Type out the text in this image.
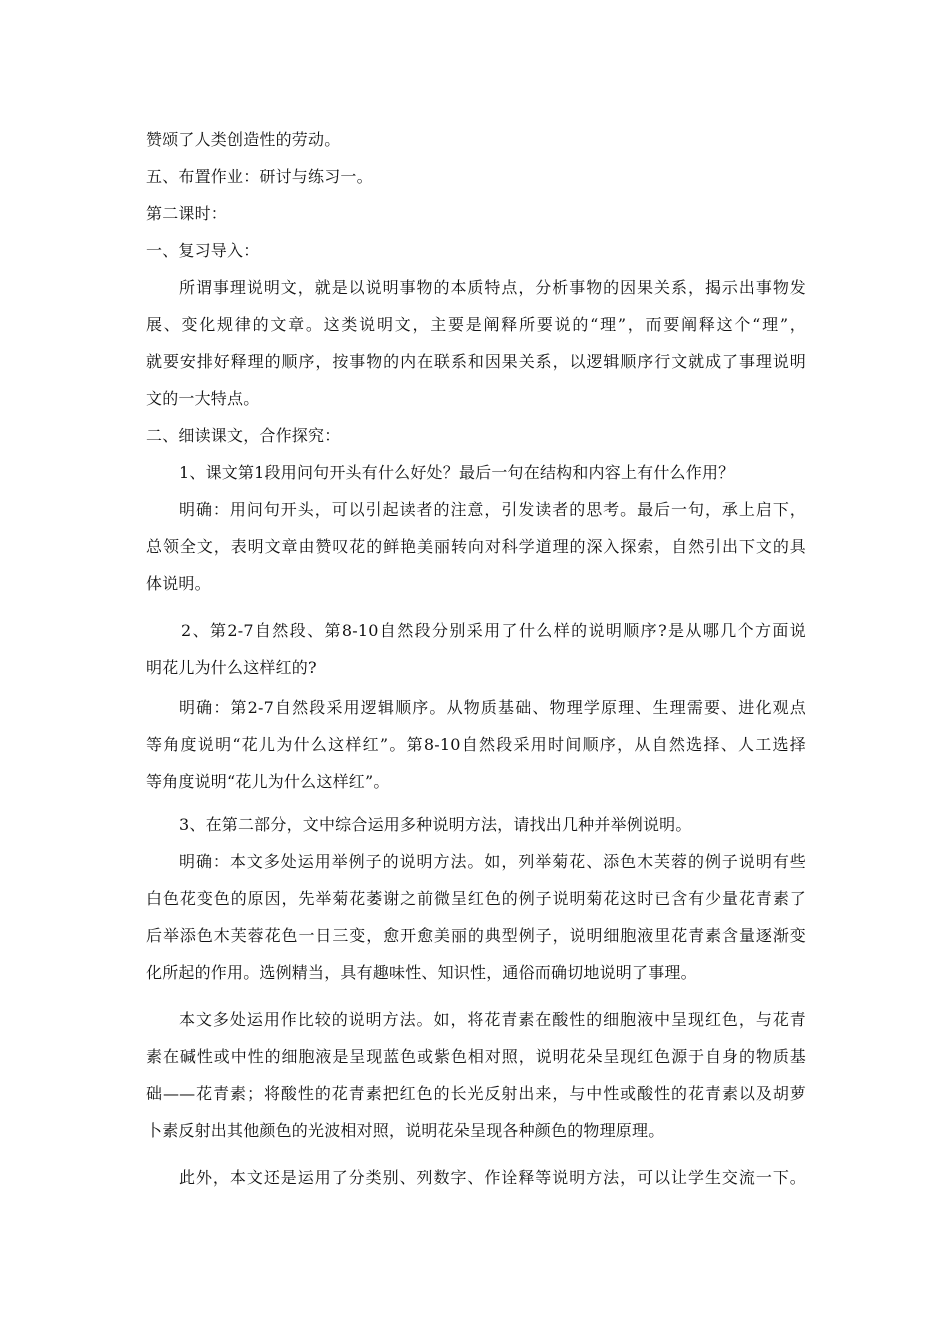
赞颂了人类创造性的劳动。
五、布置作业：研讨与练习一。
第二课时：
一、复习导入：
所谓事理说明文，就是以说明事物的本质特点，分析事物的因果关系，揭示出事物发
展、变化规律的文章。这类说明文，主要是阐释所要说的“理”，而要阐释这个“理”，
就要安排好释理的顺序，按事物的内在联系和因果关系，以逻辑顺序行文就成了事理说明
文的一大特点。
二、细读课文，合作探究：
1、课文第1段用问句开头有什么好处？最后一句在结构和内容上有什么作用？
明确：用问句开头，可以引起读者的注意，引发读者的思考。最后一句，承上启下，
总领全文，表明文章由赞叹花的鲜艳美丽转向对科学道理的深入探索，自然引出下文的具
体说明。
2、第2-7自然段、第8-10自然段分别采用了什么样的说明顺序?是从哪几个方面说
明花儿为什么这样红的?
明确：第2-7自然段采用逻辑顺序。从物质基础、物理学原理、生理需要、进化观点
等角度说明“花儿为什么这样红”。第8-10自然段采用时间顺序，从自然选择、人工选择
等角度说明“花儿为什么这样红”。
3、在第二部分，文中综合运用多种说明方法，请找出几种并举例说明。
明确：本文多处运用举例子的说明方法。如，列举菊花、添色木芙蓉的例子说明有些
白色花变色的原因，先举菊花萎谢之前微呈红色的例子说明菊花这时已含有少量花青素了
后举添色木芙蓉花色一日三变，愈开愈美丽的典型例子，说明细胞液里花青素含量逐渐变
化所起的作用。选例精当，具有趣味性、知识性，通俗而确切地说明了事理。
本文多处运用作比较的说明方法。如，将花青素在酸性的细胞液中呈现红色，与花青
素在碱性或中性的细胞液是呈现蓝色或紫色相对照，说明花朵呈现红色源于自身的物质基
础——花青素；将酸性的花青素把红色的长光反射出来，与中性或酸性的花青素以及胡萝
卜素反射出其他颜色的光波相对照，说明花朵呈现各种颜色的物理原理。
此外，本文还是运用了分类别、列数字、作诠释等说明方法，可以让学生交流一下。
